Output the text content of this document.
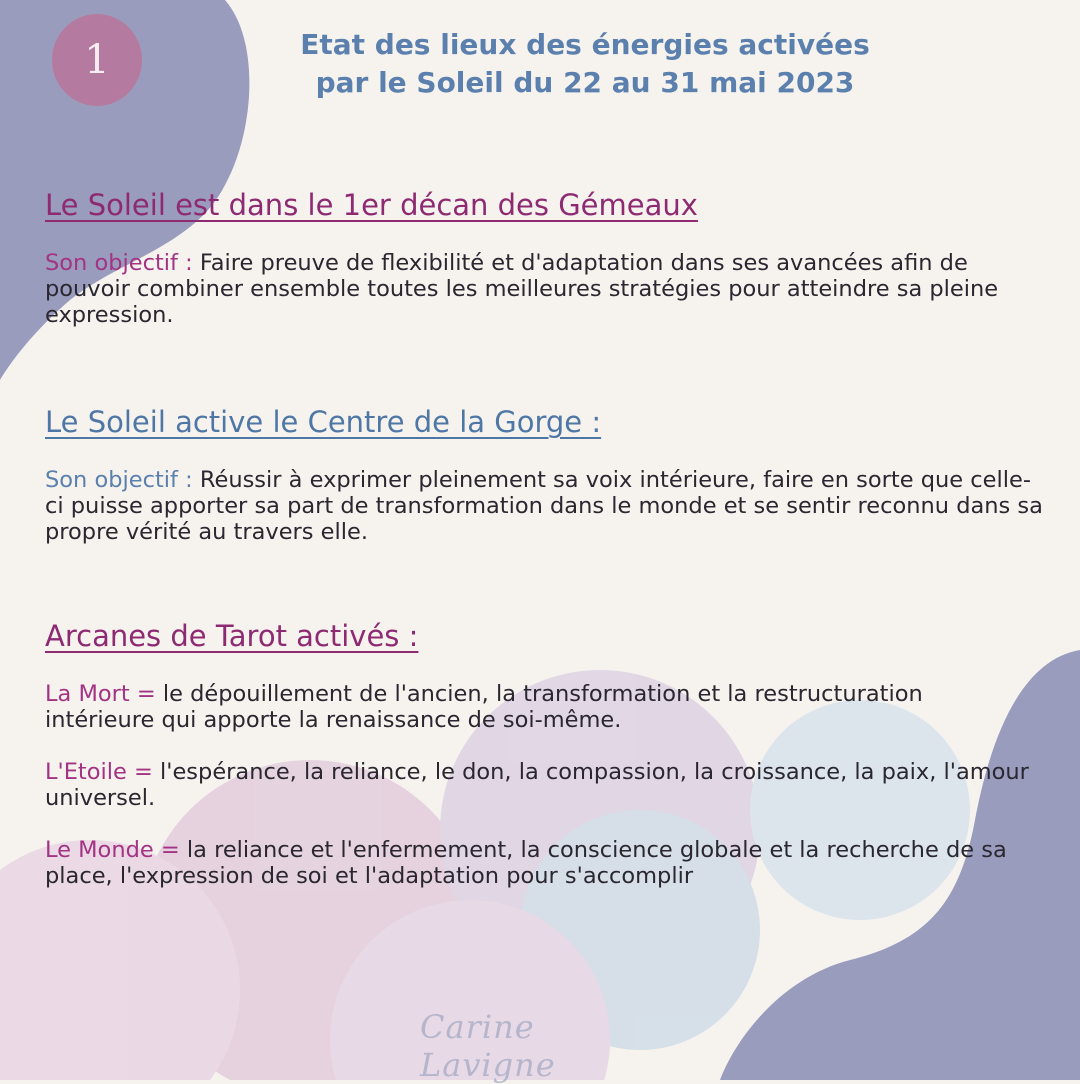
1	Etat des lieux des énergies activées
par le Soleil du 22 au 31 mai 2023
Le Soleil est dans le 1er décan des Gémeaux

Son objectif : Faire preuve de flexibilité et d'adaptation dans ses avancées afin de pouvoir combiner ensemble toutes les meilleures stratégies pour atteindre sa pleine expression.

Le Soleil active le Centre de la Gorge :

Son objectif : Réussir à exprimer pleinement sa voix intérieure, faire en sorte que celle-ci puisse apporter sa part de transformation dans le monde et se sentir reconnu dans sa propre vérité au travers elle.

Arcanes de Tarot activés :

La Mort = le dépouillement de l'ancien, la transformation et la restructuration intérieure qui apporte la renaissance de soi-même.

L'Etoile = l'espérance, la reliance, le don, la compassion, la croissance, la paix, l'amour universel.

Le Monde = la reliance et l'enfermement, la conscience globale et la recherche de sa place, l'expression de soi et l'adaptation pour s'accomplir

Carine Lavigne
